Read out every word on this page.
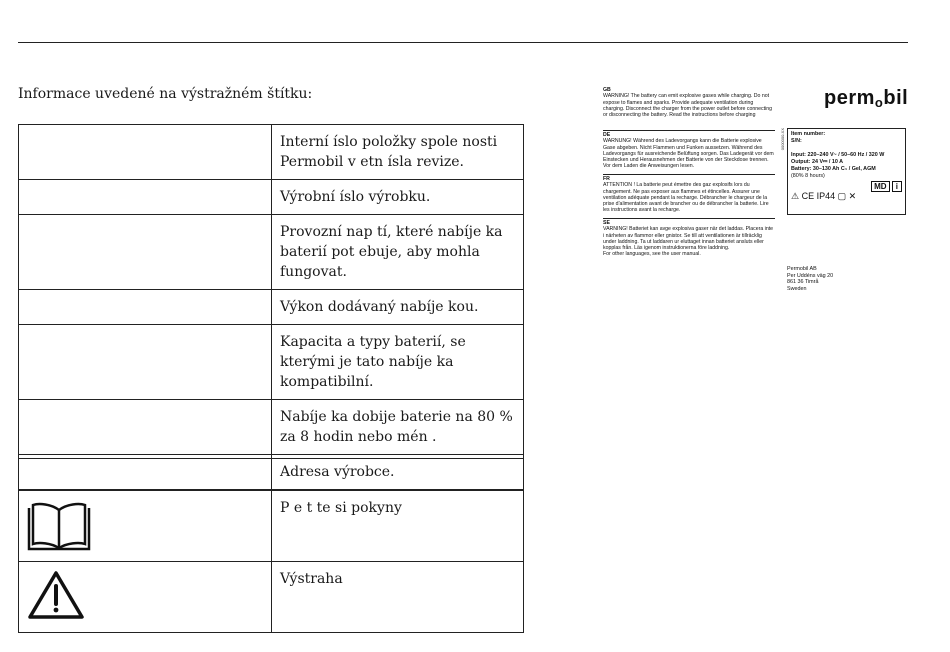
Informace uvedené na výstražném štítku:
	Interní íslo položky spole nosti Permobil v etn ísla revize.
	Výrobní íslo výrobku.
	Provozní nap tí, které nabíje ka baterií pot ebuje, aby mohla fungovat.
	Výkon dodávaný nabíje kou.
	Kapacita a typy baterií, se kterými je tato nabíje ka kompatibilní.
	Nabíje ka dobije baterie na 80 % za 8 hodin nebo mén .
	Adresa výrobce.

	P e t te si pokyny

	Výstraha
GB
WARNING! The battery can emit explosive gases while charging. Do not expose to flames and sparks. Provide adequate ventilation during charging. Disconnect the charger from the power outlet before connecting or disconnecting the battery. Read the instructions before charging
DE
WARNUNG! Während des Ladevorgangs kann die Batterie explosive Gase abgeben. Nicht Flammen und Funken aussetzen. Während des Ladevorgangs für ausreichende Belüftung sorgen. Das Ladegerät vor dem Einstecken und Herausnehmen der Batterie von der Steckdose trennen. Vor dem Laden die Anweisungen lesen.
FR
ATTENTION ! La batterie peut émettre des gaz explosifs lors du chargement. Ne pas exposer aux flammes et étincelles. Assurer une ventilation adéquate pendant la recharge. Débrancher le chargeur de la prise d'alimentation avant de brancher ou de débrancher la batterie. Lire les instructions avant la recharge.
SE
VARNING! Batteriet kan avge explosiva gaser när det laddas. Placera inte i närheten av flammor eller gnistor. Se till att ventilationen är tillräcklig under laddning. Ta ut laddaren ur eluttaget innan batteriet ansluts eller kopplas från. Läs igenom instruktionerna före laddning.
For other languages, see the user manual.
permobil
0000000-XX Item number:
S/N:
Input: 220–240 V~ / 50–60 Hz / 320 W
Output: 24 V⎓ / 10 A
Battery: 30–130 Ah C₅ / Gel, AGM
(80% 8 hours)
MD i
⚠ CE IP44 ▢ ✕
Permobil AB
Per Uddéns väg 20
861 36 Timrå
Sweden
